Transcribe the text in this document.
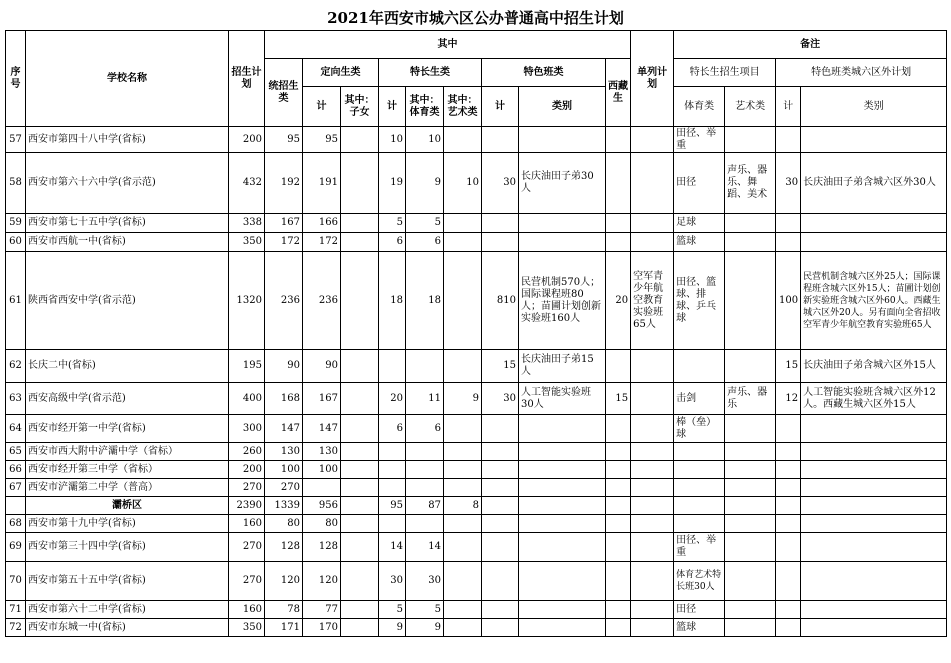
2021年西安市城六区公办普通高中招生计划
序号	学校名称	招生计划	其中									单列计划	备注			
			统招生类	定向生类		特长生类			特色班类		西藏生		特长生招生项目		特色班类城六区外计划	
				计	其中：子女	计	其中：体育类	其中：艺术类	计	类别			体育类	艺术类	计	类别
57	西安市第四十八中学(省标)	200	95	95		10	10						田径、举重			
58	西安市第六十六中学(省示范)	432	192	191		19	9	10	30	长庆油田子弟30人			田径	声乐、器乐、舞蹈、美术	30	长庆油田子弟含城六区外30人
59	西安市第七十五中学(省标)	338	167	166		5	5						足球			
60	西安市西航一中(省标)	350	172	172		6	6						篮球			
61	陕西省西安中学(省示范)	1320	236	236		18	18		810	民营机制570人；国际课程班80人；苗圃计划创新实验班160人	20	空军青少年航空教育实验班65人	田径、篮球、排球、乒乓球		100	民营机制含城六区外25人；国际课程班含城六区外15人；苗圃计划创新实验班含城六区外60人。西藏生城六区外20人。另有面向全省招收空军青少年航空教育实验班65人
62	长庆二中(省标)	195	90	90					15	长庆油田子弟15人					15	长庆油田子弟含城六区外15人
63	西安高级中学(省示范)	400	168	167		20	11	9	30	人工智能实验班30人	15		击剑	声乐、器乐	12	人工智能实验班含城六区外12人。西藏生城六区外15人
64	西安市经开第一中学(省标)	300	147	147		6	6						棒（垒）球			
65	西安市西大附中浐灞中学（省标）	260	130	130												
66	西安市经开第三中学（省标）	200	100	100												
67	西安市浐灞第二中学（普高）	270	270													
	灞桥区	2390	1339	956		95	87	8								
68	西安市第十九中学(省标)	160	80	80												
69	西安市第三十四中学(省标)	270	128	128		14	14						田径、举重			
70	西安市第五十五中学(省标)	270	120	120		30	30						体育艺术特长班30人			
71	西安市第六十二中学(省标)	160	78	77		5	5						田径			
72	西安市东城一中(省标)	350	171	170		9	9						篮球			
